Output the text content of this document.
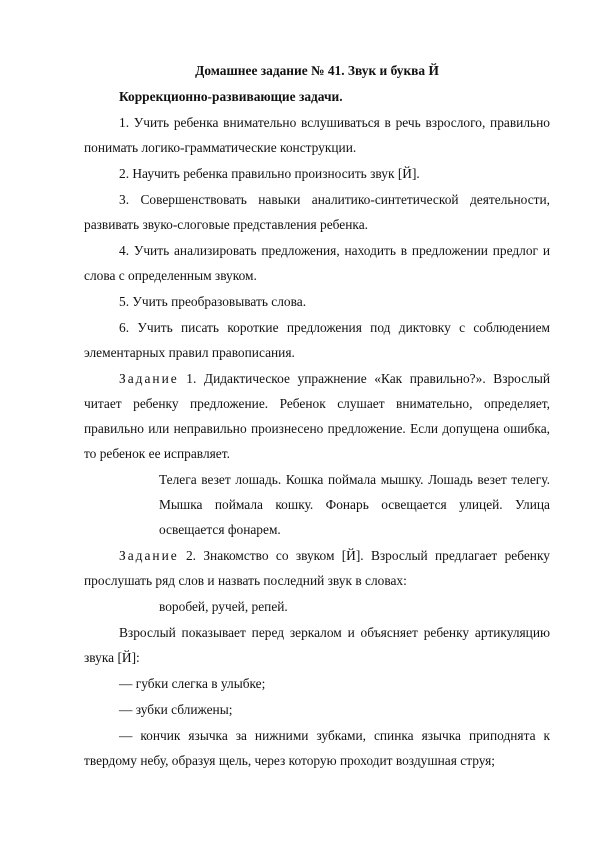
Домашнее задание № 41. Звук и буква Й
Коррекционно-развивающие задачи.

1. Учить ребенка внимательно вслушиваться в речь взрослого, правильно понимать логико-грамматические конструкции.

2. Научить ребенка правильно произносить звук [Й].

3. Совершенствовать навыки аналитико-синтетической деятельности, развивать звуко-слоговые представления ребенка.

4. Учить анализировать предложения, находить в предложении предлог и слова с определенным звуком.

5. Учить преобразовывать слова.

6. Учить писать короткие предложения под диктовку с соблюдением элементарных правил правописания.

Задание 1. Дидактическое упражнение «Как правильно?». Взрослый читает ребенку предложение. Ребенок слушает внимательно, определяет, правильно или неправильно произнесено предложение. Если допущена ошибка, то ребенок ее исправляет.

Телега везет лошадь. Кошка поймала мышку. Лошадь везет телегу. Мышка поймала кошку. Фонарь освещается улицей. Улица освещается фонарем.

Задание 2. Знакомство со звуком [Й]. Взрослый предлагает ребенку прослушать ряд слов и назвать последний звук в словах:

воробей, ручей, репей.

Взрослый показывает перед зеркалом и объясняет ребенку артикуляцию звука [Й]:

— губки слегка в улыбке;

— зубки сближены;

— кончик язычка за нижними зубками, спинка язычка приподнята к твердому небу, образуя щель, через которую проходит воздушная струя;
